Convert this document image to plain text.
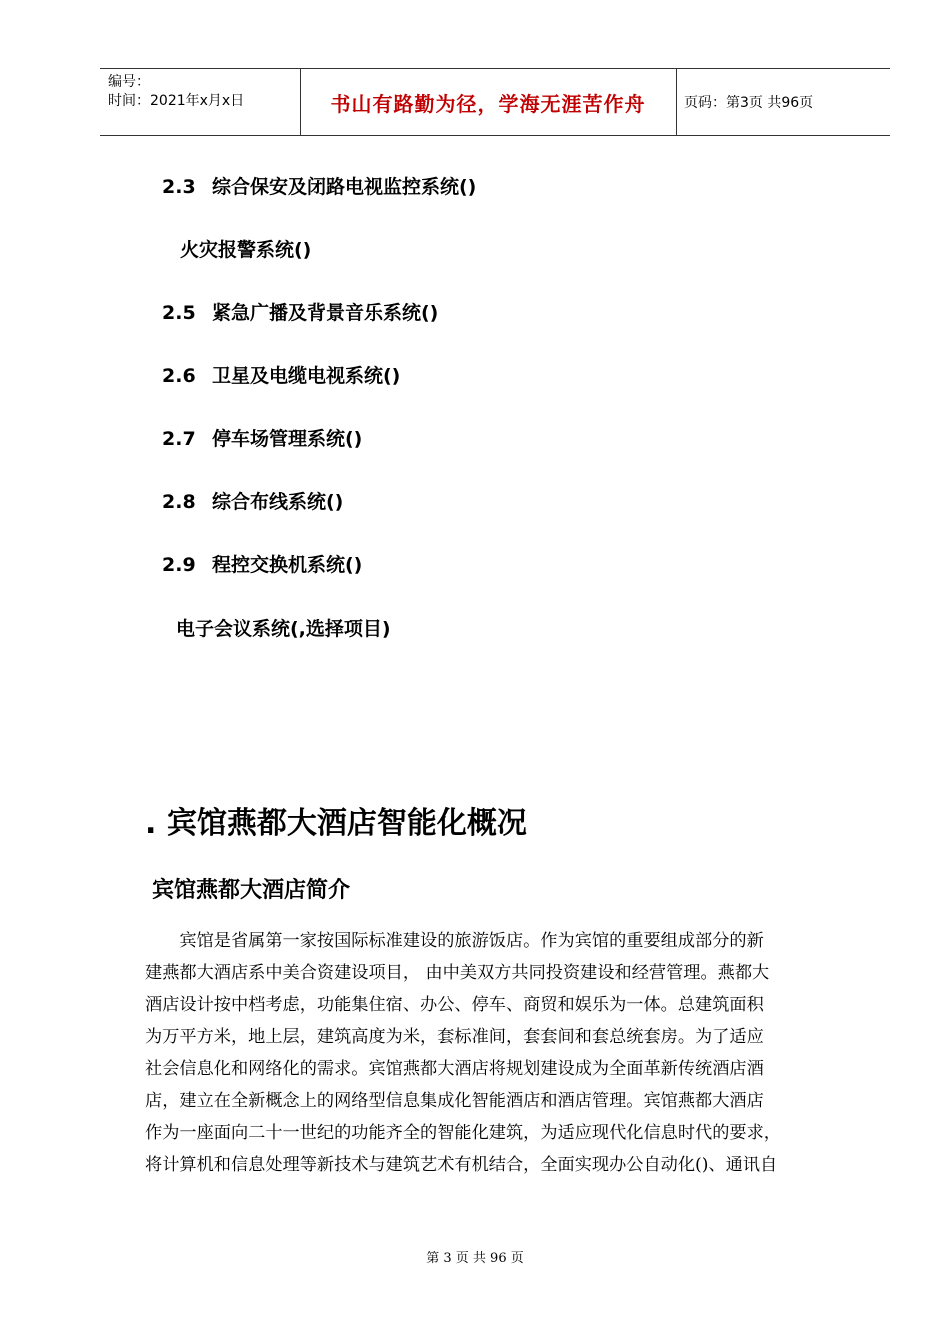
编号：
时间：2021年x月x日	书山有路勤为径，学海无涯苦作舟	页码：第3页 共96页
2.3 综合保安及闭路电视监控系统()
火灾报警系统()
2.5 紧急广播及背景音乐系统()
2.6 卫星及电缆电视系统()
2.7 停车场管理系统()
2.8 综合布线系统()
2.9 程控交换机系统()
电子会议系统(,选择项目)
. 宾馆燕都大酒店智能化概况
宾馆燕都大酒店简介
　　宾馆是省属第一家按国际标准建设的旅游饭店。作为宾馆的重要组成部分的新
建燕都大酒店系中美合资建设项目， 由中美双方共同投资建设和经营管理。燕都大
酒店设计按中档考虑，功能集住宿、办公、停车、商贸和娱乐为一体。总建筑面积
为万平方米，地上层，建筑高度为米，套标准间，套套间和套总统套房。为了适应
社会信息化和网络化的需求。宾馆燕都大酒店将规划建设成为全面革新传统酒店酒
店，建立在全新概念上的网络型信息集成化智能酒店和酒店管理。宾馆燕都大酒店
作为一座面向二十一世纪的功能齐全的智能化建筑，为适应现代化信息时代的要求，
将计算机和信息处理等新技术与建筑艺术有机结合，全面实现办公自动化()、通讯自
第 3 页 共 96 页
